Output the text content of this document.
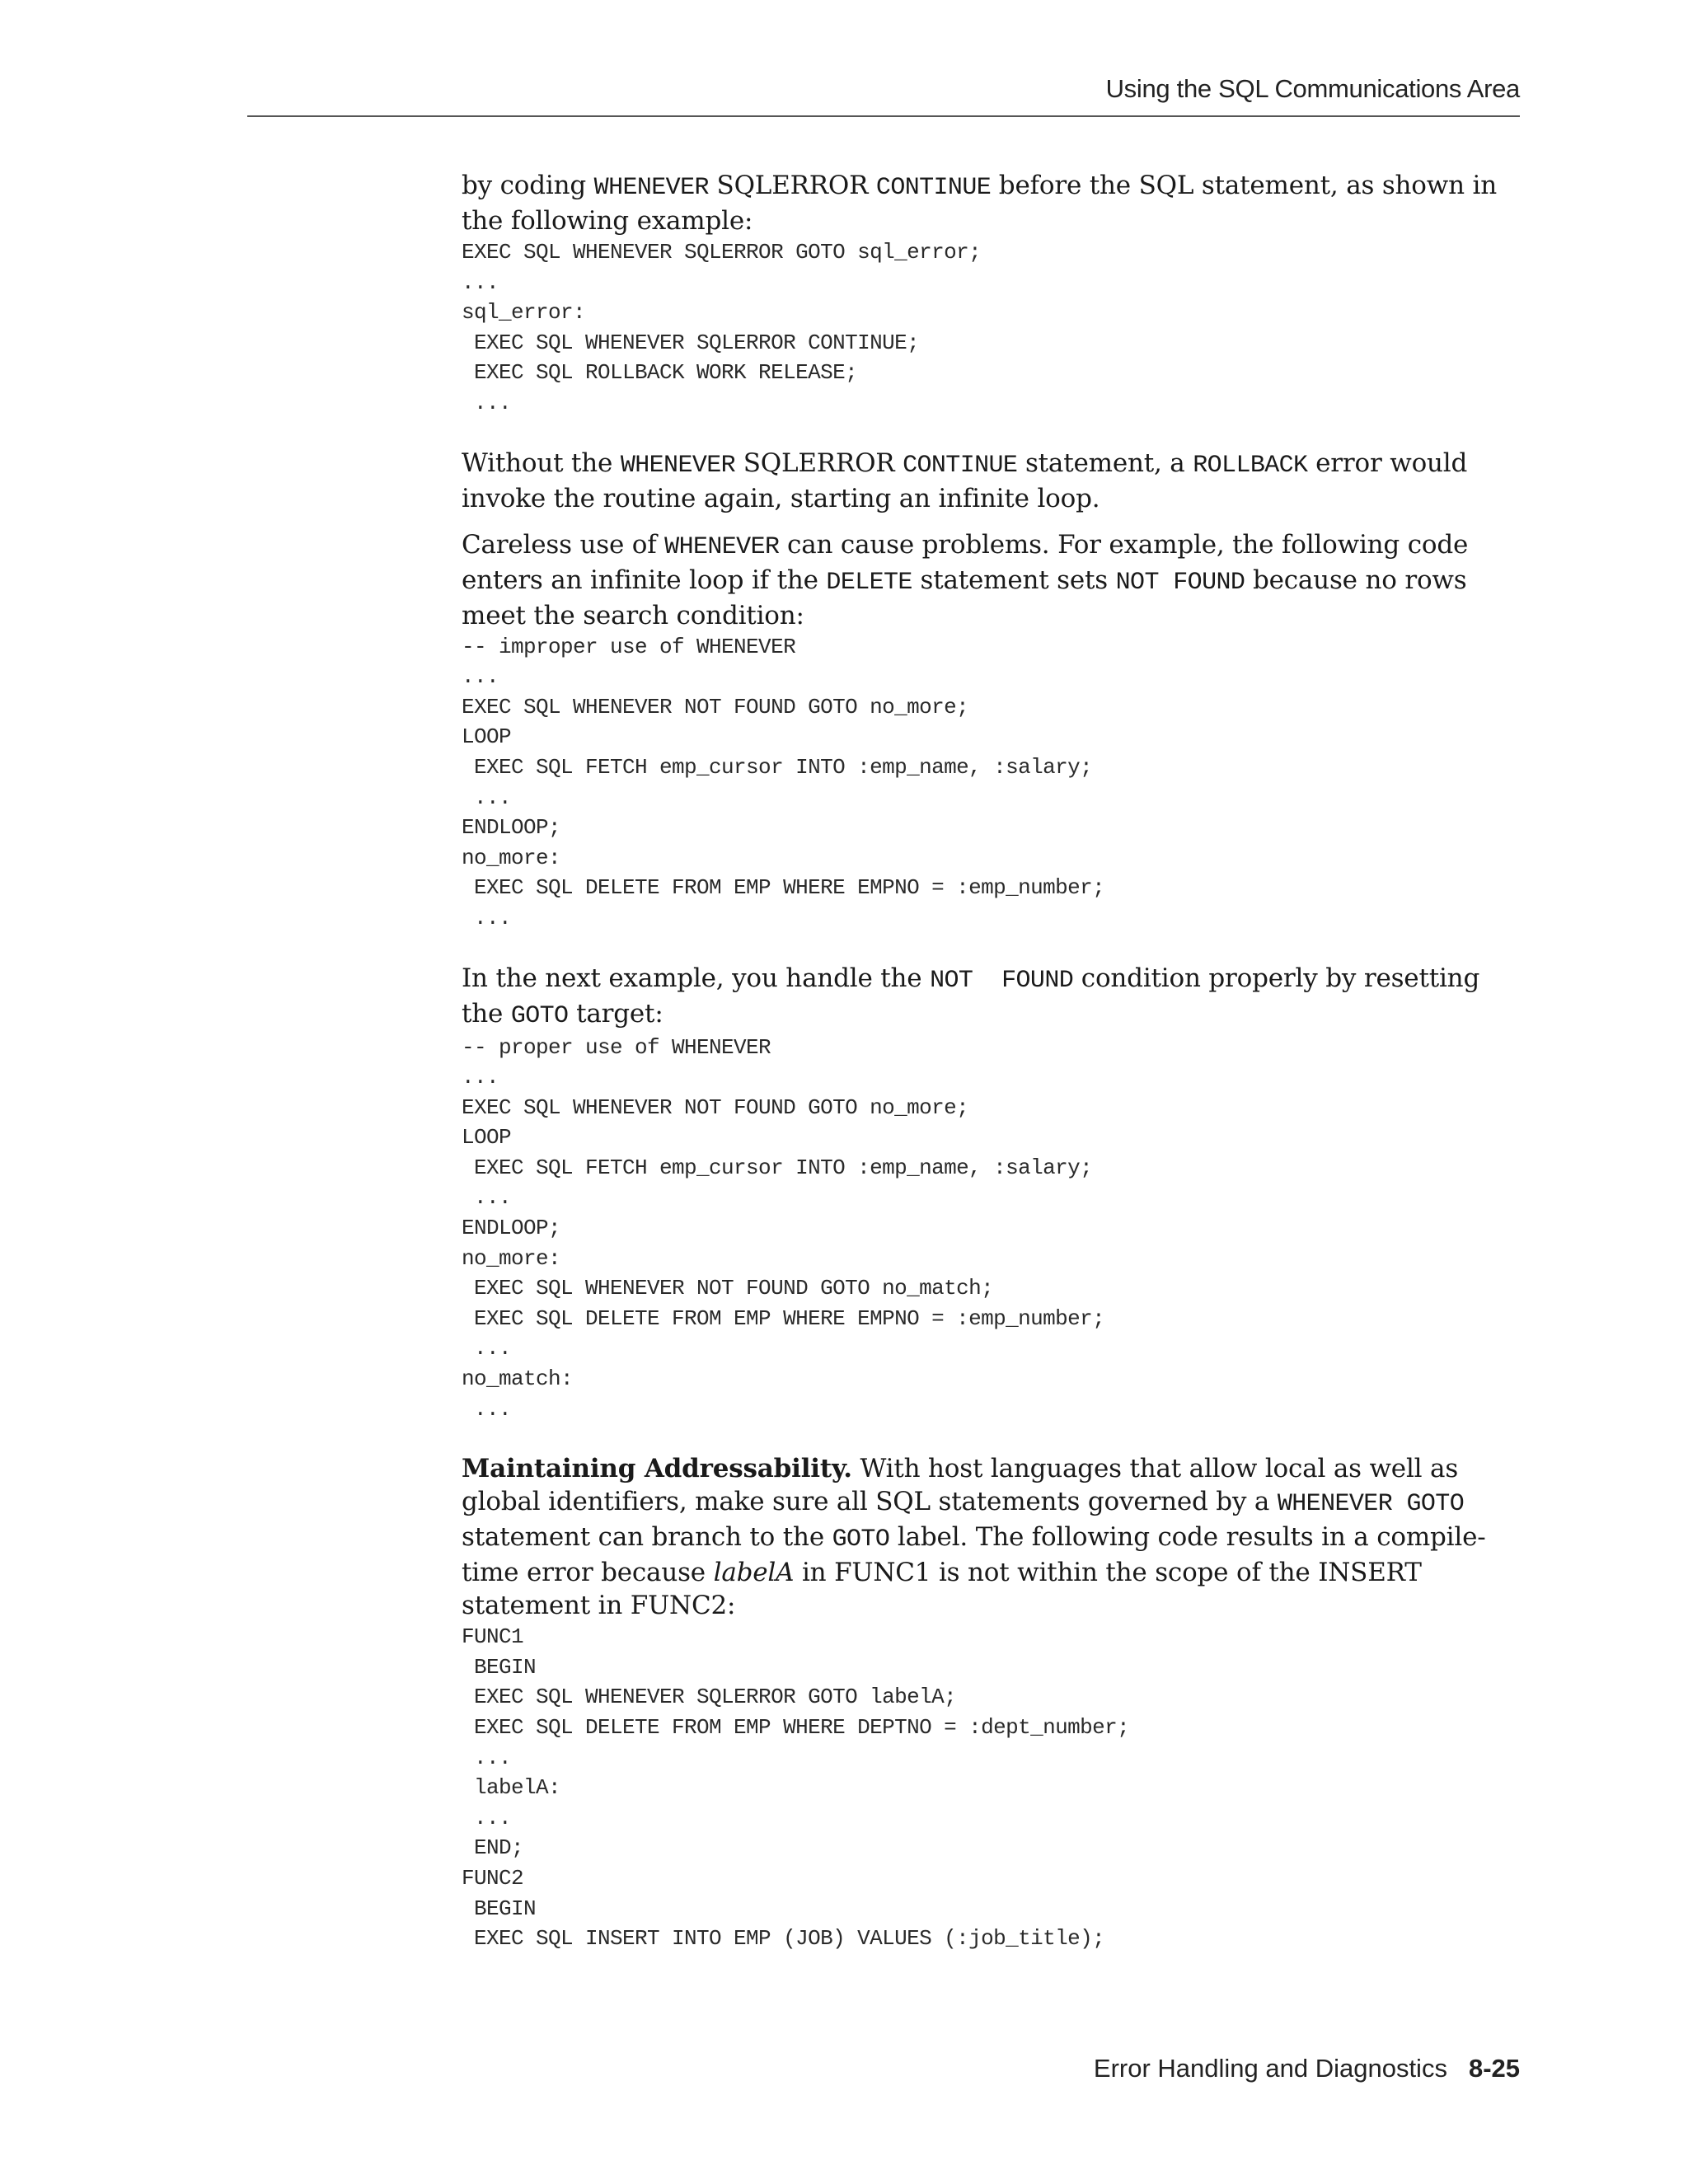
Using the SQL Communications Area

by coding WHENEVER SQLERROR CONTINUE before the SQL statement, as shown in the following example:

EXEC SQL WHENEVER SQLERROR GOTO sql_error;
...
sql_error:
EXEC SQL WHENEVER SQLERROR CONTINUE;
EXEC SQL ROLLBACK WORK RELEASE;
...

Without the WHENEVER SQLERROR CONTINUE statement, a ROLLBACK error would invoke the routine again, starting an infinite loop.

Careless use of WHENEVER can cause problems. For example, the following code enters an infinite loop if the DELETE statement sets NOT FOUND because no rows meet the search condition:

-- improper use of WHENEVER
...
EXEC SQL WHENEVER NOT FOUND GOTO no_more;
LOOP
EXEC SQL FETCH emp_cursor INTO :emp_name, :salary;
...
ENDLOOP;
no_more:
EXEC SQL DELETE FROM EMP WHERE EMPNO = :emp_number;
...

In the next example, you handle the NOT  FOUND condition properly by resetting the GOTO target:

-- proper use of WHENEVER
...
EXEC SQL WHENEVER NOT FOUND GOTO no_more;
LOOP
EXEC SQL FETCH emp_cursor INTO :emp_name, :salary;
...
ENDLOOP;
no_more:
EXEC SQL WHENEVER NOT FOUND GOTO no_match;
EXEC SQL DELETE FROM EMP WHERE EMPNO = :emp_number;
...
no_match:
...

Maintaining Addressability. With host languages that allow local as well as global identifiers, make sure all SQL statements governed by a WHENEVER GOTO statement can branch to the GOTO label. The following code results in a compile-time error because labelA in FUNC1 is not within the scope of the INSERT statement in FUNC2:

FUNC1
BEGIN
EXEC SQL WHENEVER SQLERROR GOTO labelA;
EXEC SQL DELETE FROM EMP WHERE DEPTNO = :dept_number;
...
labelA:
...
END;
FUNC2
BEGIN
EXEC SQL INSERT INTO EMP (JOB) VALUES (:job_title);
Error Handling and Diagnostics 8-25
